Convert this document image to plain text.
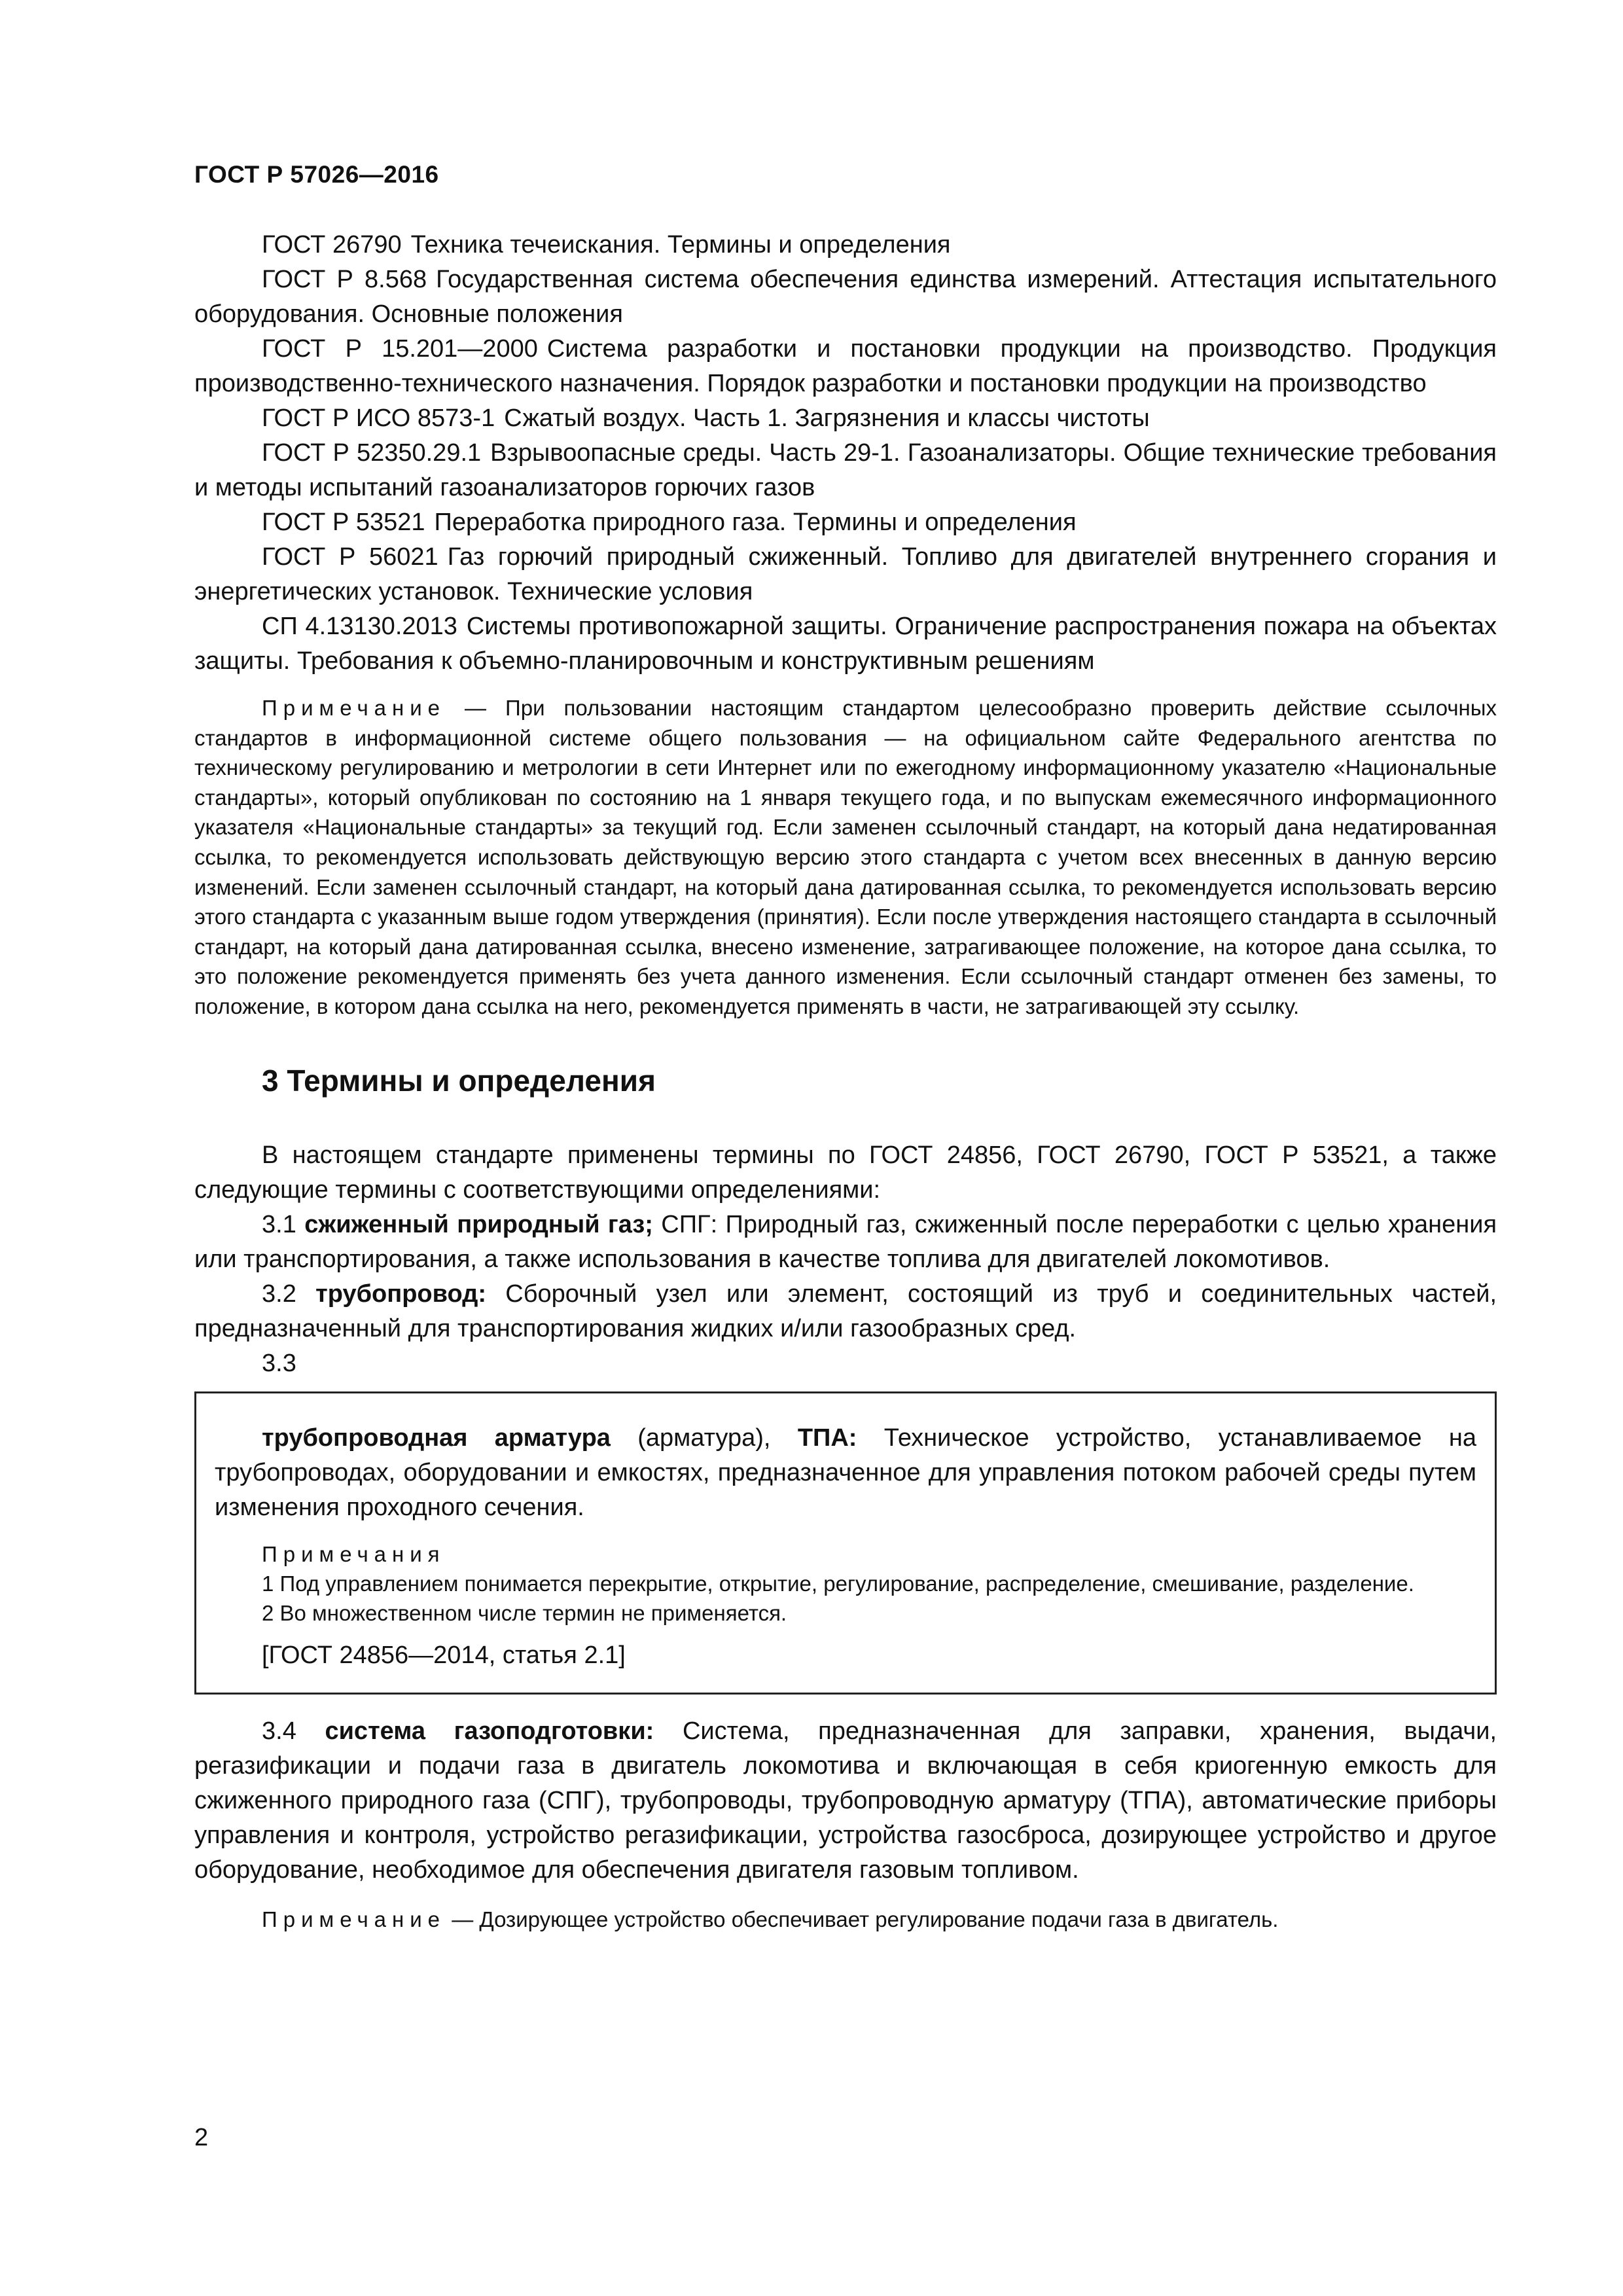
ГОСТ Р 57026—2016

ГОСТ 26790 Техника течеискания. Термины и определения

ГОСТ Р 8.568 Государственная система обеспечения единства измерений. Аттестация испытательного оборудования. Основные положения

ГОСТ Р 15.201—2000 Система разработки и постановки продукции на производство. Продукция производственно-технического назначения. Порядок разработки и постановки продукции на производство

ГОСТ Р ИСО 8573-1 Сжатый воздух. Часть 1. Загрязнения и классы чистоты

ГОСТ Р 52350.29.1 Взрывоопасные среды. Часть 29-1. Газоанализаторы. Общие технические требования и методы испытаний газоанализаторов горючих газов

ГОСТ Р 53521 Переработка природного газа. Термины и определения

ГОСТ Р 56021 Газ горючий природный сжиженный. Топливо для двигателей внутреннего сгорания и энергетических установок. Технические условия

СП 4.13130.2013 Системы противопожарной защиты. Ограничение распространения пожара на объектах защиты. Требования к объемно-планировочным и конструктивным решениям

Примечание — При пользовании настоящим стандартом целесообразно проверить действие ссылочных стандартов в информационной системе общего пользования — на официальном сайте Федерального агентства по техническому регулированию и метрологии в сети Интернет или по ежегодному информационному указателю «Национальные стандарты», который опубликован по состоянию на 1 января текущего года, и по выпускам ежемесячного информационного указателя «Национальные стандарты» за текущий год. Если заменен ссылочный стандарт, на который дана недатированная ссылка, то рекомендуется использовать действующую версию этого стандарта с учетом всех внесенных в данную версию изменений. Если заменен ссылочный стандарт, на который дана датированная ссылка, то рекомендуется использовать версию этого стандарта с указанным выше годом утверждения (принятия). Если после утверждения настоящего стандарта в ссылочный стандарт, на который дана датированная ссылка, внесено изменение, затрагивающее положение, на которое дана ссылка, то это положение рекомендуется применять без учета данного изменения. Если ссылочный стандарт отменен без замены, то положение, в котором дана ссылка на него, рекомендуется применять в части, не затрагивающей эту ссылку.

3 Термины и определения

В настоящем стандарте применены термины по ГОСТ 24856, ГОСТ 26790, ГОСТ Р 53521, а также следующие термины с соответствующими определениями:

3.1 сжиженный природный газ; СПГ: Природный газ, сжиженный после переработки с целью хранения или транспортирования, а также использования в качестве топлива для двигателей локомотивов.

3.2 трубопровод: Сборочный узел или элемент, состоящий из труб и соединительных частей, предназначенный для транспортирования жидких и/или газообразных сред.

3.3

трубопроводная арматура (арматура), ТПА: Техническое устройство, устанавливаемое на трубопроводах, оборудовании и емкостях, предназначенное для управления потоком рабочей среды путем изменения проходного сечения.

Примечания

1 Под управлением понимается перекрытие, открытие, регулирование, распределение, смешивание, разделение.

2 Во множественном числе термин не применяется.

[ГОСТ 24856—2014, статья 2.1]

3.4 система газоподготовки: Система, предназначенная для заправки, хранения, выдачи, регазификации и подачи газа в двигатель локомотива и включающая в себя криогенную емкость для сжиженного природного газа (СПГ), трубопроводы, трубопроводную арматуру (ТПА), автоматические приборы управления и контроля, устройство регазификации, устройства газосброса, дозирующее устройство и другое оборудование, необходимое для обеспечения двигателя газовым топливом.

Примечание — Дозирующее устройство обеспечивает регулирование подачи газа в двигатель.

2
